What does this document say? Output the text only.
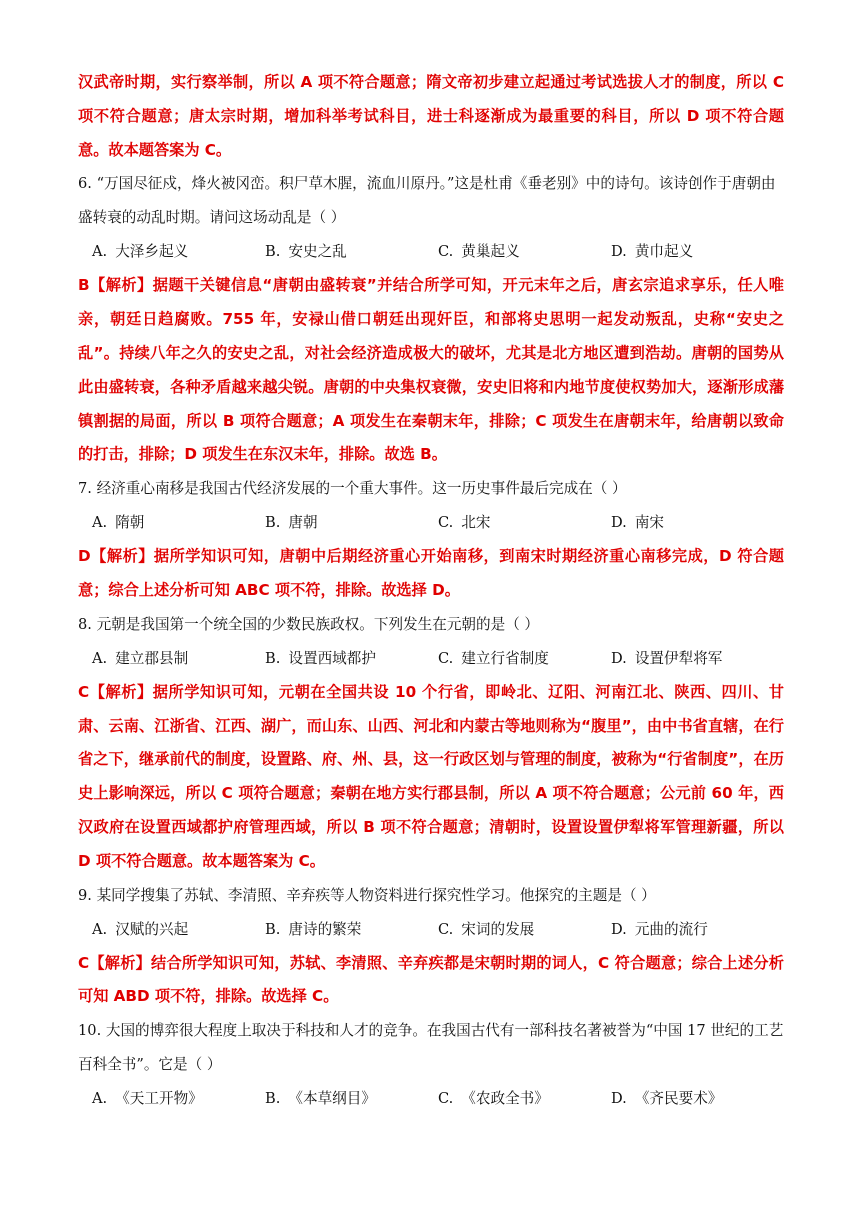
汉武帝时期，实行察举制，所以 A 项不符合题意；隋文帝初步建立起通过考试选拔人才的制度，所以 C 项不符合题意；唐太宗时期，增加科举考试科目，进士科逐渐成为最重要的科目，所以 D 项不符合题意。故本题答案为 C。

6. “万国尽征戍，烽火被冈峦。积尸草木腥，流血川原丹。”这是杜甫《垂老别》中的诗句。该诗创作于唐朝由盛转衰的动乱时期。请问这场动乱是（ ）

A. 大泽乡起义	B. 安史之乱	C. 黄巢起义	D. 黄巾起义

B【解析】据题干关键信息“唐朝由盛转衰”并结合所学可知，开元末年之后，唐玄宗追求享乐，任人唯亲，朝廷日趋腐败。755 年，安禄山借口朝廷出现奸臣，和部将史思明一起发动叛乱，史称“安史之乱”。持续八年之久的安史之乱，对社会经济造成极大的破坏，尤其是北方地区遭到浩劫。唐朝的国势从此由盛转衰，各种矛盾越来越尖锐。唐朝的中央集权衰微，安史旧将和内地节度使权势加大，逐渐形成藩镇割据的局面，所以 B 项符合题意；A 项发生在秦朝末年，排除；C 项发生在唐朝末年，给唐朝以致命的打击，排除；D 项发生在东汉末年，排除。故选 B。

7. 经济重心南移是我国古代经济发展的一个重大事件。这一历史事件最后完成在（ ）

A. 隋朝	B. 唐朝	C. 北宋	D. 南宋

D【解析】据所学知识可知，唐朝中后期经济重心开始南移，到南宋时期经济重心南移完成，D 符合题意；综合上述分析可知 ABC 项不符，排除。故选择 D。

8. 元朝是我国第一个统全国的少数民族政权。下列发生在元朝的是（ ）

A. 建立郡县制	B. 设置西域都护	C. 建立行省制度	D. 设置伊犁将军

C【解析】据所学知识可知，元朝在全国共设 10 个行省，即岭北、辽阳、河南江北、陕西、四川、甘肃、云南、江浙省、江西、湖广，而山东、山西、河北和内蒙古等地则称为“腹里”，由中书省直辖，在行省之下，继承前代的制度，设置路、府、州、县，这一行政区划与管理的制度，被称为“行省制度”，在历史上影响深远，所以 C 项符合题意；秦朝在地方实行郡县制，所以 A 项不符合题意；公元前 60 年，西汉政府在设置西域都护府管理西域，所以 B 项不符合题意；清朝时，设置设置伊犁将军管理新疆，所以 D 项不符合题意。故本题答案为 C。

9. 某同学搜集了苏轼、李清照、辛弃疾等人物资料进行探究性学习。他探究的主题是（ ）

A. 汉赋的兴起	B. 唐诗的繁荣	C. 宋词的发展	D. 元曲的流行

C【解析】结合所学知识可知，苏轼、李清照、辛弃疾都是宋朝时期的词人，C 符合题意；综合上述分析可知 ABD 项不符，排除。故选择 C。

10. 大国的博弈很大程度上取决于科技和人才的竞争。在我国古代有一部科技名著被誉为“中国 17 世纪的工艺百科全书”。它是（ ）

A. 《天工开物》	B. 《本草纲目》	C. 《农政全书》	D. 《齐民要术》
